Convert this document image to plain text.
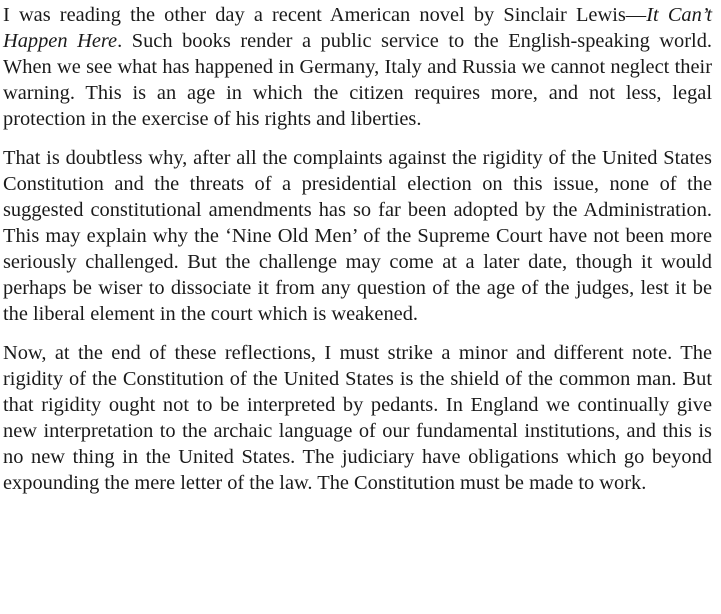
I was reading the other day a recent American novel by Sinclair Lewis—It Can’t Happen Here. Such books render a public service to the English-speaking world. When we see what has happened in Germany, Italy and Russia we cannot neglect their warning. This is an age in which the citizen requires more, and not less, legal protection in the exercise of his rights and liberties.

That is doubtless why, after all the complaints against the rigidity of the United States Constitution and the threats of a presidential election on this issue, none of the suggested constitutional amendments has so far been adopted by the Administration. This may explain why the ‘Nine Old Men’ of the Supreme Court have not been more seriously challenged. But the challenge may come at a later date, though it would perhaps be wiser to dissociate it from any question of the age of the judges, lest it be the liberal element in the court which is weakened.

Now, at the end of these reflections, I must strike a minor and different note. The rigidity of the Constitution of the United States is the shield of the common man. But that rigidity ought not to be interpreted by pedants. In England we continually give new interpretation to the archaic language of our fundamental institutions, and this is no new thing in the United States. The judiciary have obligations which go beyond expounding the mere letter of the law. The Constitution must be made to work.
